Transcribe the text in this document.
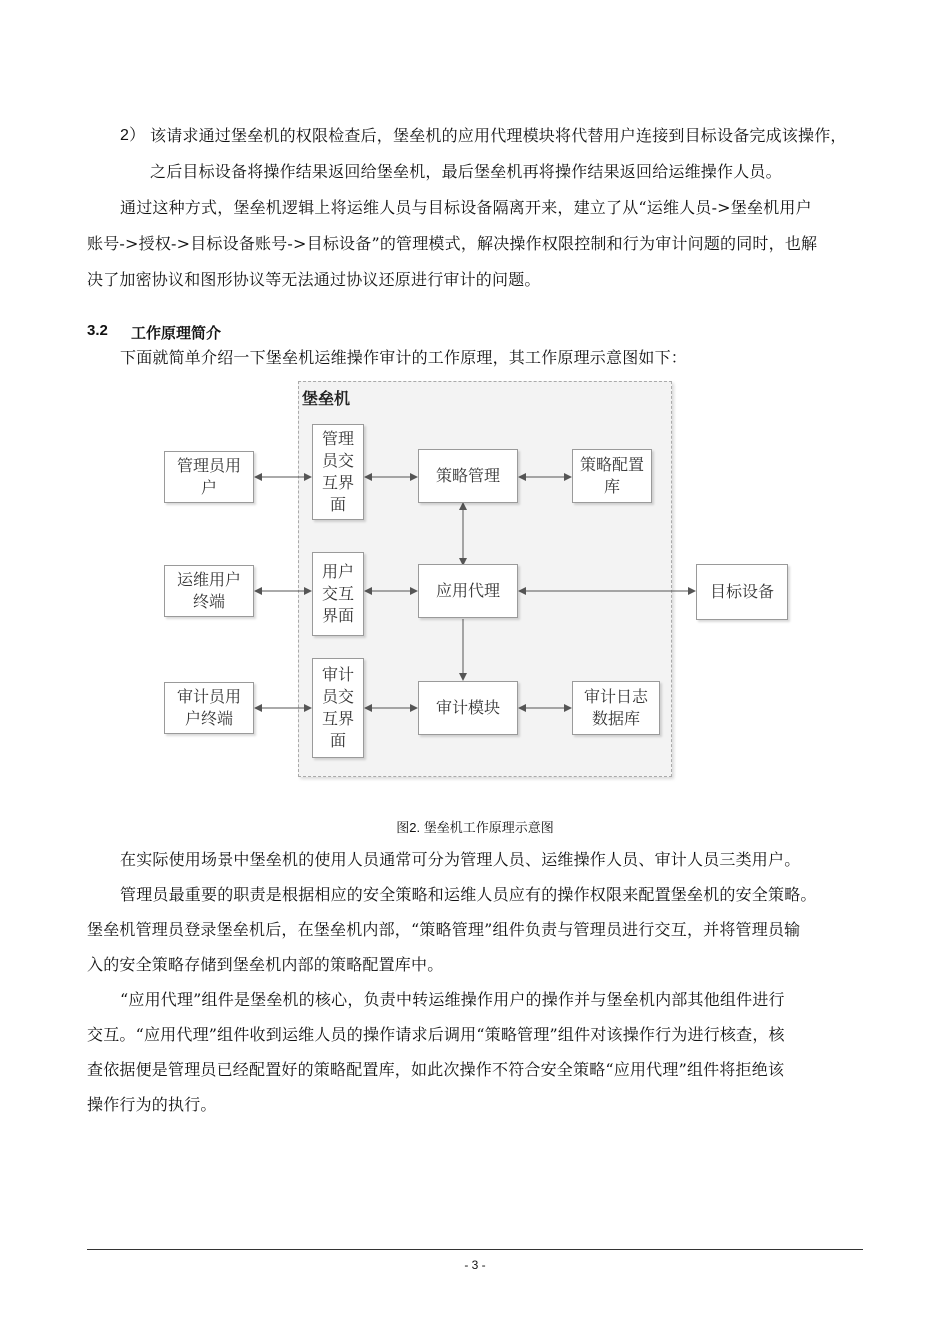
2） 该请求通过堡垒机的权限检查后，堡垒机的应用代理模块将代替用户连接到目标设备完成该操作，
之后目标设备将操作结果返回给堡垒机，最后堡垒机再将操作结果返回给运维操作人员。
通过这种方式，堡垒机逻辑上将运维人员与目标设备隔离开来，建立了从“运维人员->堡垒机用户
账号->授权->目标设备账号->目标设备”的管理模式，解决操作权限控制和行为审计问题的同时，也解
决了加密协议和图形协议等无法通过协议还原进行审计的问题。
3.2 工作原理简介
下面就简单介绍一下堡垒机运维操作审计的工作原理，其工作原理示意图如下：
堡垒机
管理员用户
运维用户终端
审计员用户终端
管理员交互界面
用户交互界面
审计员交互界面
策略管理
应用代理
审计模块
策略配置库
审计日志数据库
目标设备
图2. 堡垒机工作原理示意图
在实际使用场景中堡垒机的使用人员通常可分为管理人员、运维操作人员、审计人员三类用户。
管理员最重要的职责是根据相应的安全策略和运维人员应有的操作权限来配置堡垒机的安全策略。
堡垒机管理员登录堡垒机后，在堡垒机内部，“策略管理”组件负责与管理员进行交互，并将管理员输
入的安全策略存储到堡垒机内部的策略配置库中。
“应用代理”组件是堡垒机的核心，负责中转运维操作用户的操作并与堡垒机内部其他组件进行
交互。“应用代理”组件收到运维人员的操作请求后调用“策略管理”组件对该操作行为进行核查，核
查依据便是管理员已经配置好的策略配置库，如此次操作不符合安全策略“应用代理”组件将拒绝该
操作行为的执行。
- 3 -
